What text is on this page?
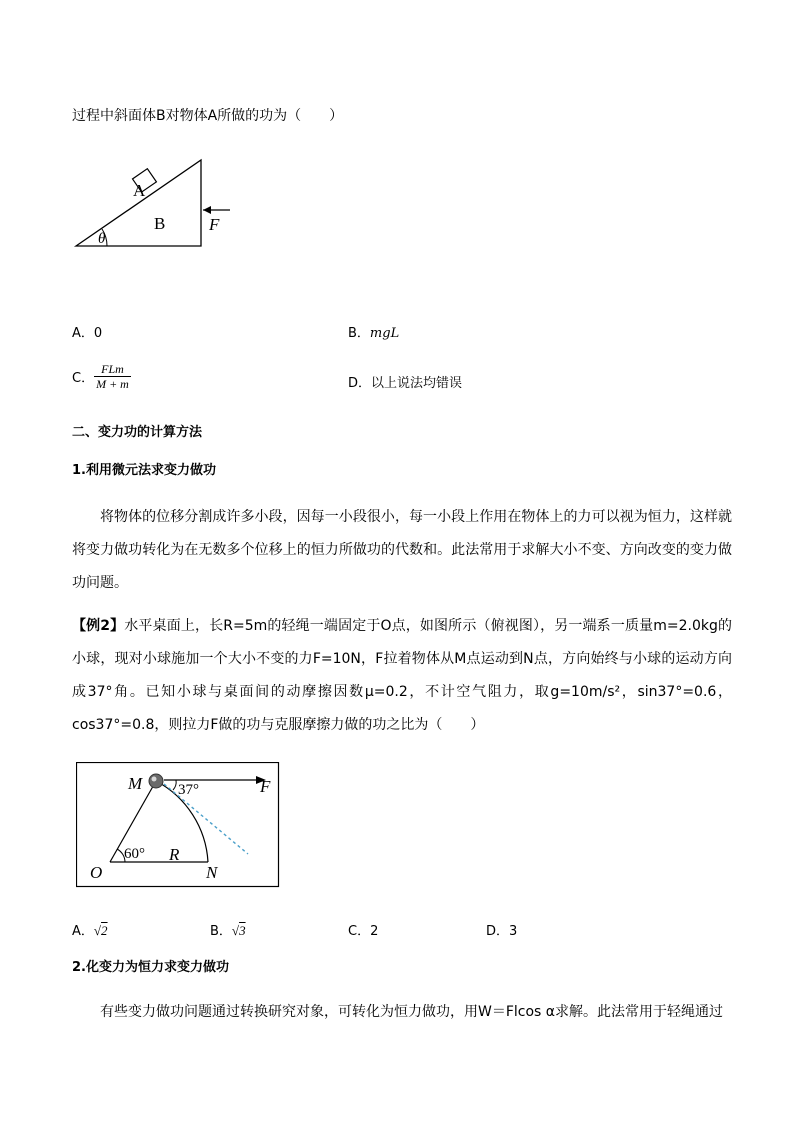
过程中斜面体B对物体A所做的功为（　　）
A
B
θ
F
A．0	B．mgL
C． $\frac{\text{FLm}}{M + m}$	D．以上说法均错误
二、变力功的计算方法
1.利用微元法求变力做功
将物体的位移分割成许多小段，因每一小段很小，每一小段上作用在物体上的力可以视为恒力，这样就将变力做功转化为在无数多个位移上的恒力所做功的代数和。此法常用于求解大小不变、方向改变的变力做功问题。
【例2】水平桌面上，长R=5m的轻绳一端固定于O点，如图所示（俯视图），另一端系一质量m=2.0kg的小球，现对小球施加一个大小不变的力F=10N，F拉着物体从M点运动到N点，方向始终与小球的运动方向成37°角。已知小球与桌面间的动摩擦因数μ=0.2，不计空气阻力，取g=10m/s²，sin37°=0.6，cos37°=0.8，则拉力F做的功与克服摩擦力做的功之比为（　　）
M 37°	F
60° R
O	N
A．√2	B．√3	C．2	D．3
2.化变力为恒力求变力做功
有些变力做功问题通过转换研究对象，可转化为恒力做功，用W＝Flcos α求解。此法常用于轻绳通过
